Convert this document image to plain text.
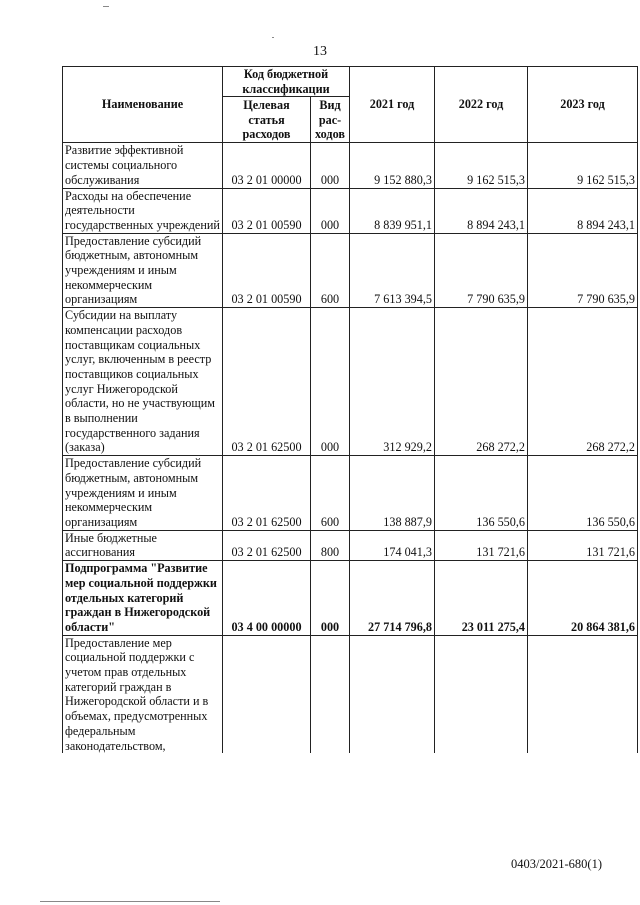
13
Наименование	Код бюджетной классификации		2021 год	2022 год	2023 год
	Целевая статья расходов	Вид рас-ходов			
Развитие эффективной системы социального обслуживания	03 2 01 00000	000	9 152 880,3	9 162 515,3	9 162 515,3
Расходы на обеспечение деятельности государственных учреждений	03 2 01 00590	000	8 839 951,1	8 894 243,1	8 894 243,1
Предоставление субсидий бюджетным, автономным учреждениям и иным некоммерческим организациям	03 2 01 00590	600	7 613 394,5	7 790 635,9	7 790 635,9
Субсидии на выплату компенсации расходов поставщикам социальных услуг, включенным в реестр поставщиков социальных услуг Нижегородской области, но не участвующим в выполнении государственного задания (заказа)	03 2 01 62500	000	312 929,2	268 272,2	268 272,2
Предоставление субсидий бюджетным, автономным учреждениям и иным некоммерческим организациям	03 2 01 62500	600	138 887,9	136 550,6	136 550,6
Иные бюджетные ассигнования	03 2 01 62500	800	174 041,3	131 721,6	131 721,6
Подпрограмма "Развитие мер социальной поддержки отдельных категорий граждан в Нижегородской области"	03 4 00 00000	000	27 714 796,8	23 011 275,4	20 864 381,6
Предоставление мер социальной поддержки с учетом прав отдельных категорий граждан в Нижегородской области и в объемах, предусмотренных федеральным законодательством,					
0403/2021-680(1)
